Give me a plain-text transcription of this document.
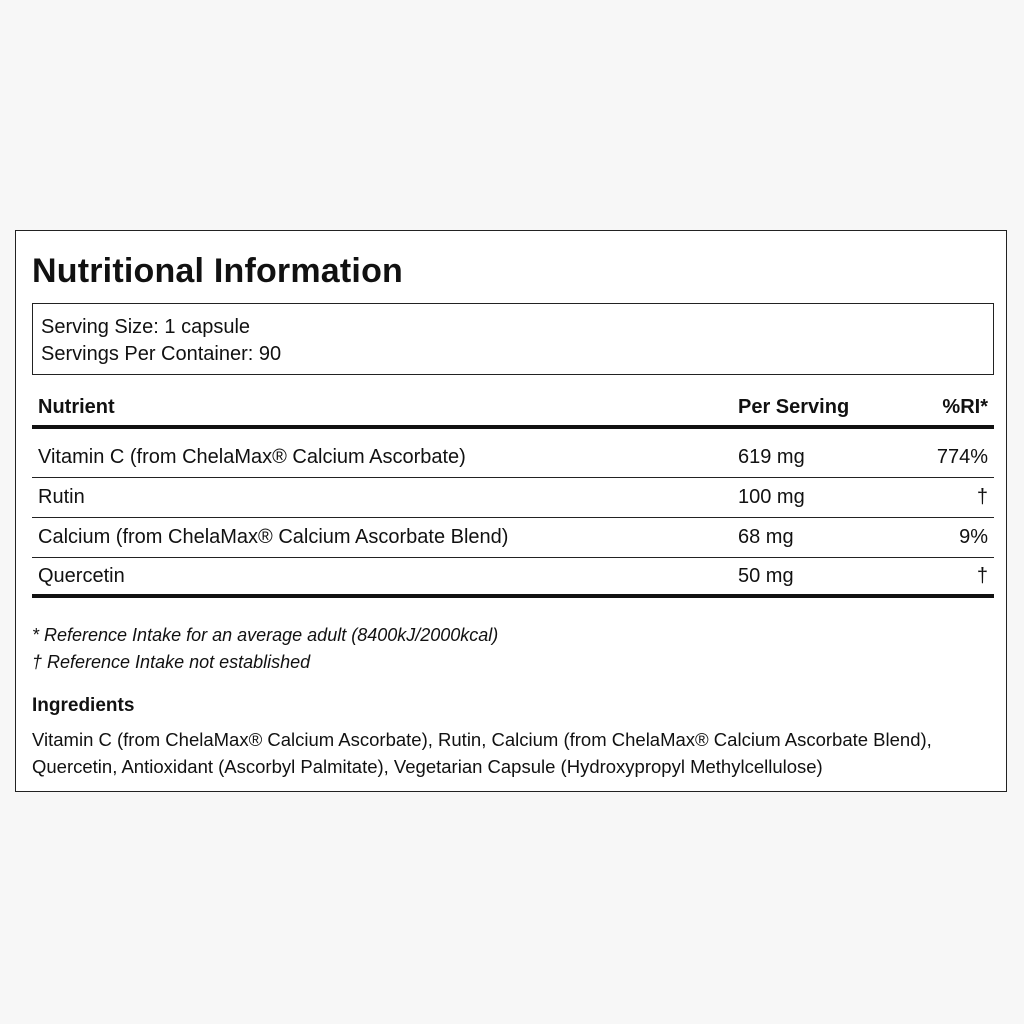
Nutritional Information
Serving Size: 1 capsule
Servings Per Container: 90
Nutrient	Per Serving	%RI*
Vitamin C (from ChelaMax® Calcium Ascorbate)	619 mg	774%
Rutin	100 mg	†
Calcium (from ChelaMax® Calcium Ascorbate Blend)	68 mg	9%
Quercetin	50 mg	†
* Reference Intake for an average adult (8400kJ/2000kcal)
† Reference Intake not established
Ingredients
Vitamin C (from ChelaMax® Calcium Ascorbate), Rutin, Calcium (from ChelaMax® Calcium Ascorbate Blend),
Quercetin, Antioxidant (Ascorbyl Palmitate), Vegetarian Capsule (Hydroxypropyl Methylcellulose)
